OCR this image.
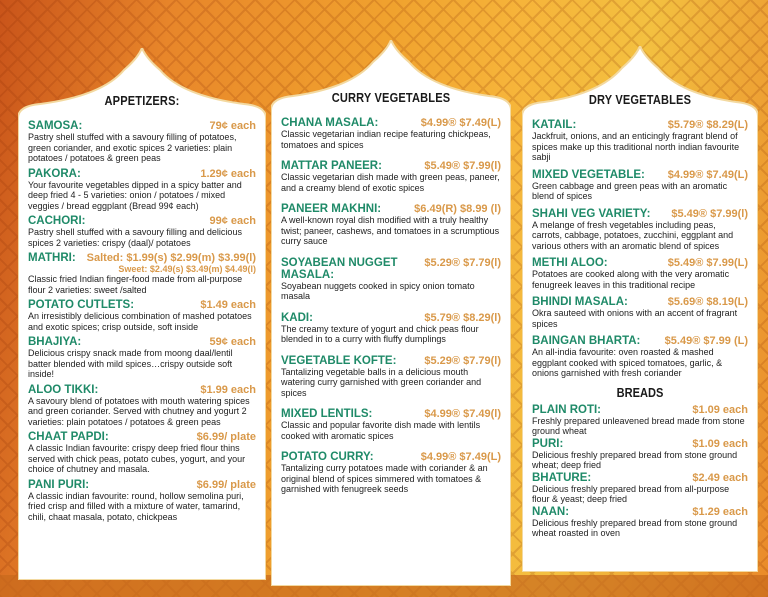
APPETIZERS:
SAMOSA:	79¢ each
Pastry shell stuffed with a savoury filling of potatoes, green coriander, and exotic spices 2 varieties: plain potatoes / potatoes & green peas
PAKORA:	1.29¢ each
Your favourite vegetables dipped in a spicy batter and deep fried 4 - 5 varieties: onion / potatoes / mixed veggies / bread eggplant (Bread 99¢ each)
CACHORI:	99¢ each
Pastry shell stuffed with a savoury filling and delicious spices 2 varieties: crispy (daal)/ potatoes
MATHRI: Salted: $1.99(s) $2.99(m) $3.99(l)
Sweet: $2.49(s) $3.49(m) $4.49(l)
Classic fried Indian finger-food made from all-purpose flour 2 varieties: sweet /salted
POTATO CUTLETS:	$1.49 each
An irresistibly delicious combination of mashed potatoes and exotic spices; crisp outside, soft inside
BHAJIYA:	59¢ each
Delicious crispy snack made from moong daal/lentil batter blended with mild spices…crispy outside soft inside!
ALOO TIKKI:	$1.99 each
A savoury blend of potatoes with mouth watering spices and green coriander. Served with chutney and yogurt 2 varieties: plain potatoes / potatoes & green peas
CHAAT PAPDI:	$6.99/ plate
A classic Indian favourite: crispy deep fried flour thins served with chick peas, potato cubes, yogurt, and your choice of chutney and masala.
PANI PURI:	$6.99/ plate
A classic indian favourite: round, hollow semolina puri, fried crisp and filled with a mixture of water, tamarind, chili, chaat masala, potato, chickpeas
CURRY VEGETABLES
CHANA MASALA:	$4.99® $7.49(L)
Classic vegetarian indian recipe featuring chickpeas, tomatoes and spices
MATTAR PANEER:	$5.49® $7.99(l)
Classic vegetarian dish made with green peas, paneer, and a creamy blend of exotic spices
PANEER MAKHNI:	$6.49(R) $8.99 (l)
A well-known royal dish modified with a truly healthy twist; paneer, cashews, and tomatoes in a scrumptious curry sauce
SOYABEAN NUGGET MASALA:
$5.29® $7.79(l)
Soyabean nuggets cooked in spicy onion tomato masala
KADI:	$5.79® $8.29(l)
The creamy texture of yogurt and chick peas flour blended in to a curry with fluffy dumplings
VEGETABLE KOFTE:	$5.29® $7.79(l)
Tantalizing vegetable balls in a delicious mouth watering curry garnished with green coriander and spices
MIXED LENTILS:	$4.99® $7.49(l)
Classic and popular favorite dish made with lentils cooked with aromatic spices
POTATO CURRY:	$4.99® $7.49(L)
Tantalizing curry potatoes made with coriander & an original blend of spices simmered with tomatoes & garnished with fenugreek seeds
DRY VEGETABLES
KATAIL:	$5.79® $8.29(L)
Jackfruit, onions, and an enticingly fragrant blend of spices make up this traditional north indian favourite sabji
MIXED VEGETABLE: $4.99® $7.49(L)
Green cabbage and green peas with an aromatic blend of spices
SHAHI VEG VARIETY: $5.49® $7.99(l)
A melange of fresh vegetables including peas, carrots, cabbage, potatoes, zucchini, eggplant and various others with an aromatic blend of spices
METHI ALOO:	$5.49® $7.99(L)
Potatoes are cooked along with the very aromatic fenugreek leaves in this traditional recipe
BHINDI MASALA:	$5.69® $8.19(L)
Okra sauteed with onions with an accent of fragrant spices
BAINGAN BHARTA: $5.49® $7.99 (L)
An all-india favourite: oven roasted & mashed eggplant cooked with spiced tomatoes, garlic, & onions garnished with fresh coriander
BREADS
PLAIN ROTI:	$1.09 each
Freshly prepared unleavened bread made from stone ground wheat
PURI:	$1.09 each
Delicious freshly prepared bread from stone ground wheat; deep fried
BHATURE:	$2.49 each
Delicious freshly prepared bread from all-purpose flour & yeast; deep fried
NAAN:	$1.29 each
Delicious freshly prepared bread from stone ground wheat roasted in oven
